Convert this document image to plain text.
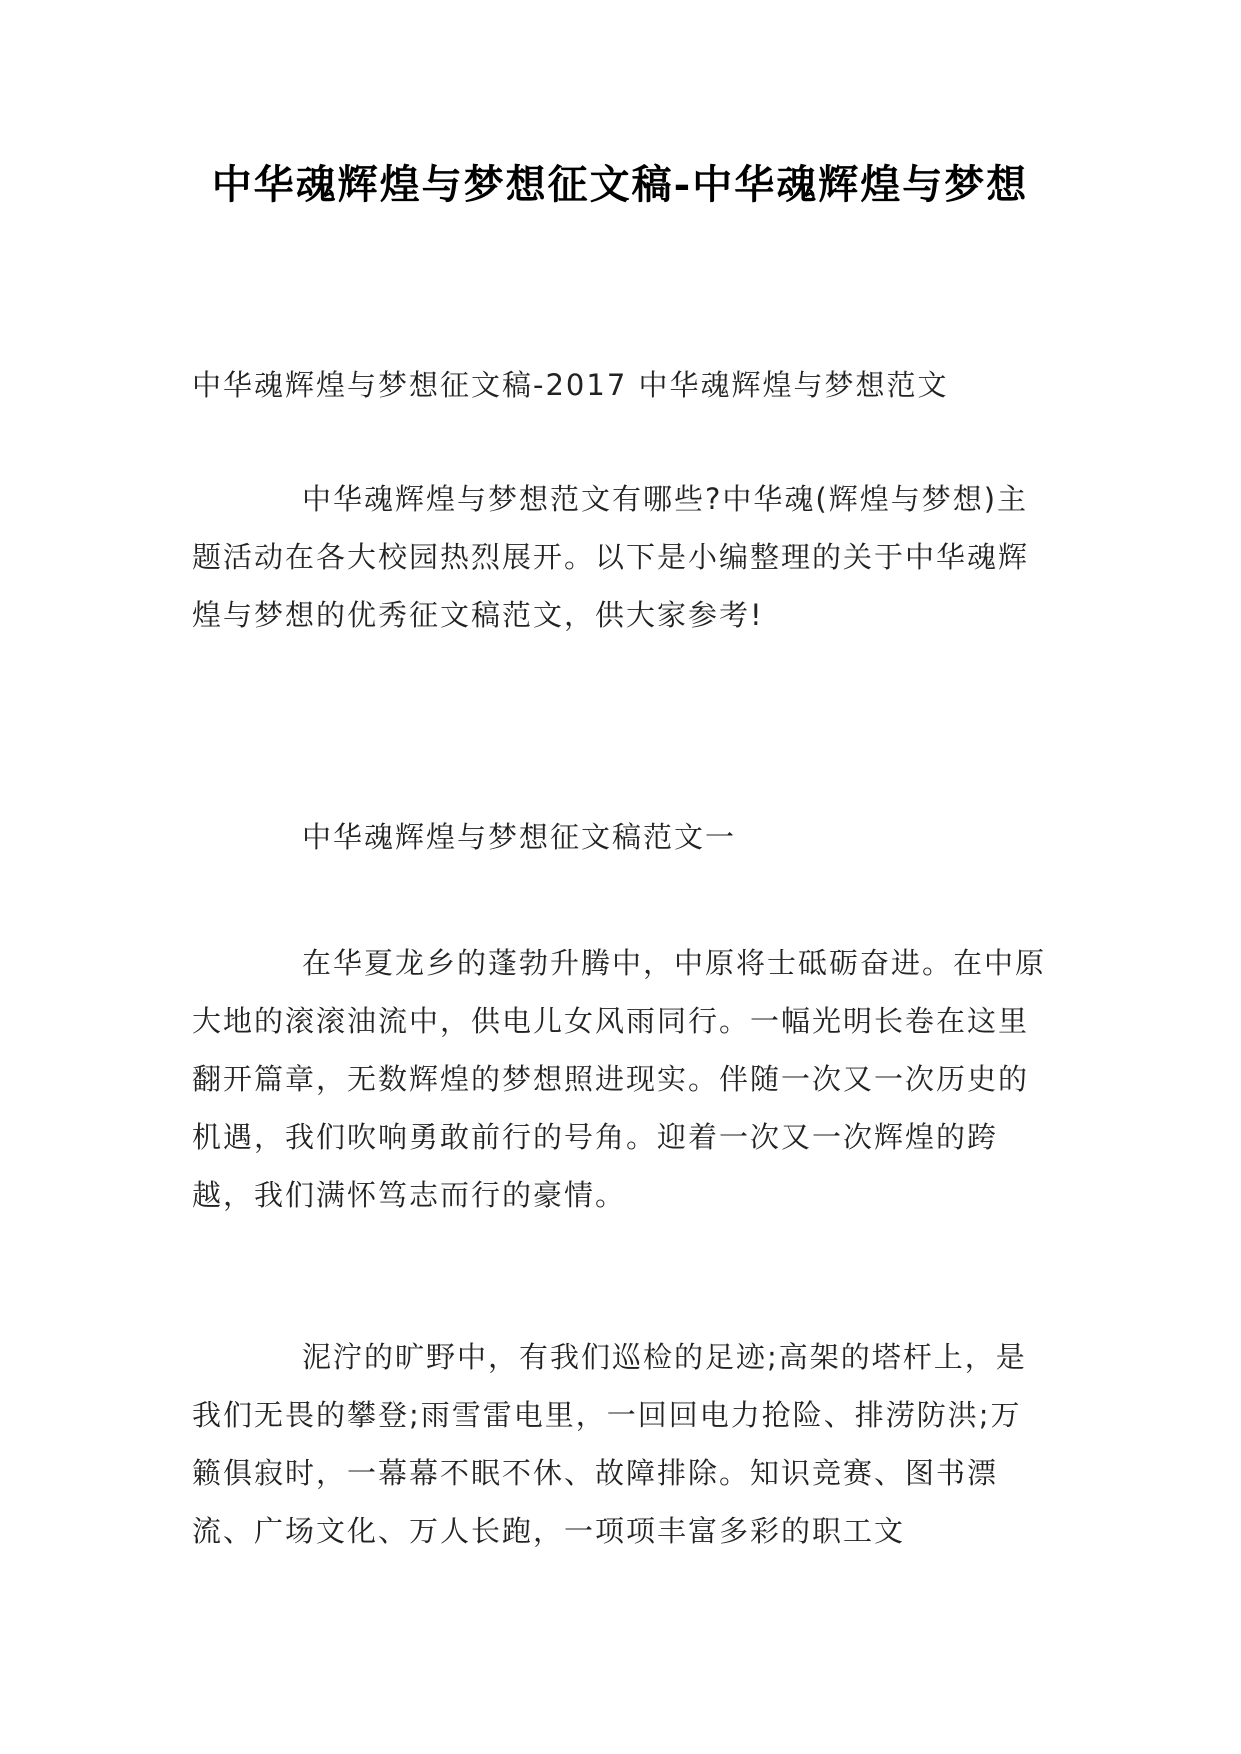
中华魂辉煌与梦想征文稿-中华魂辉煌与梦想

中华魂辉煌与梦想征文稿-2017 中华魂辉煌与梦想范文

中华魂辉煌与梦想范文有哪些?中华魂(辉煌与梦想)主题活动在各大校园热烈展开。以下是小编整理的关于中华魂辉煌与梦想的优秀征文稿范文，供大家参考!

中华魂辉煌与梦想征文稿范文一

在华夏龙乡的蓬勃升腾中，中原将士砥砺奋进。在中原大地的滚滚油流中，供电儿女风雨同行。一幅光明长卷在这里翻开篇章，无数辉煌的梦想照进现实。伴随一次又一次历史的机遇，我们吹响勇敢前行的号角。迎着一次又一次辉煌的跨越，我们满怀笃志而行的豪情。

泥泞的旷野中，有我们巡检的足迹;高架的塔杆上，是我们无畏的攀登;雨雪雷电里，一回回电力抢险、排涝防洪;万籁俱寂时，一幕幕不眠不休、故障排除。知识竞赛、图书漂流、广场文化、万人长跑，一项项丰富多彩的职工文
